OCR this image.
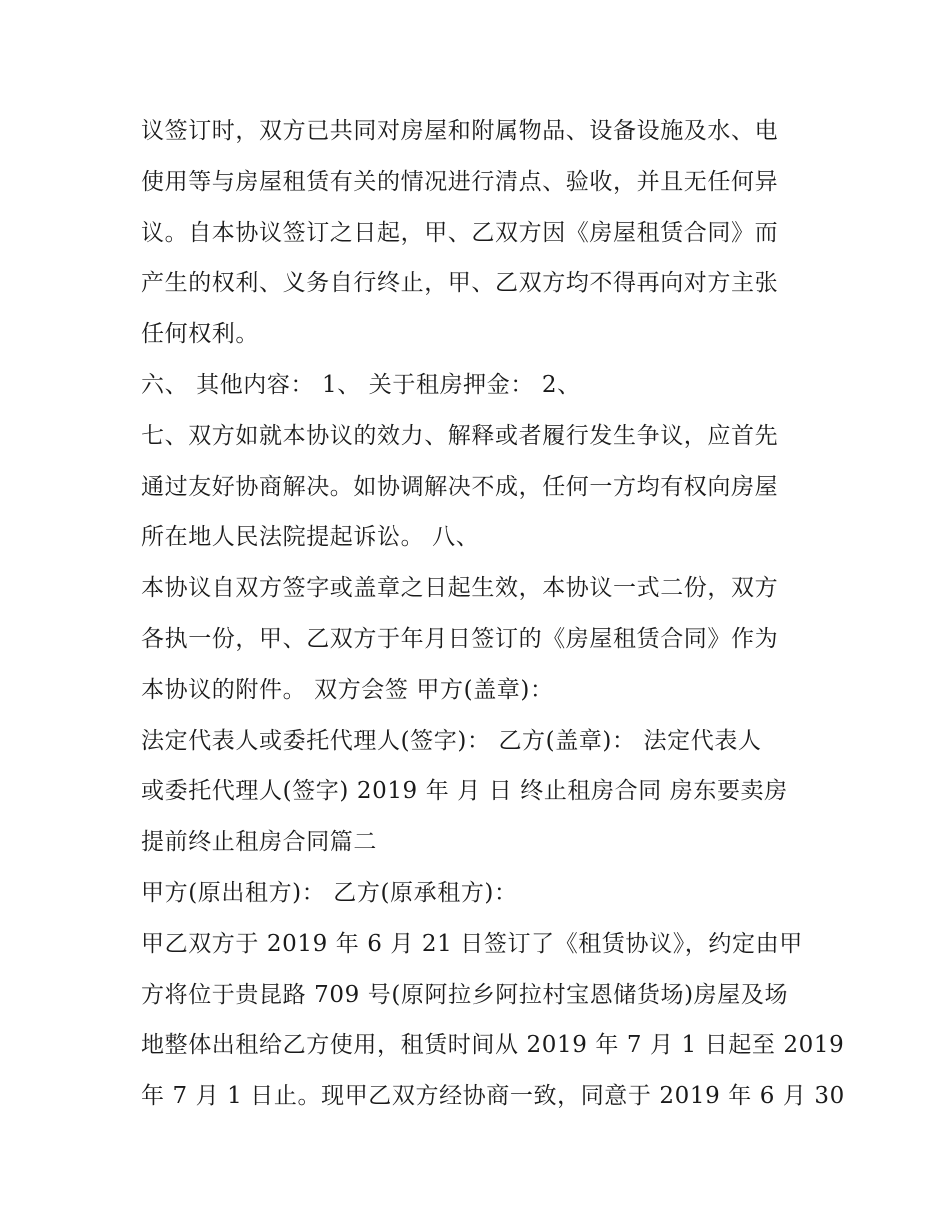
议签订时，双方已共同对房屋和附属物品、设备设施及水、电
使用等与房屋租赁有关的情况进行清点、验收，并且无任何异
议。自本协议签订之日起，甲、乙双方因《房屋租赁合同》而
产生的权利、义务自行终止，甲、乙双方均不得再向对方主张
任何权利。
六、 其他内容： 1、 关于租房押金： 2、
七、双方如就本协议的效力、解释或者履行发生争议，应首先
通过友好协商解决。如协调解决不成，任何一方均有权向房屋
所在地人民法院提起诉讼。 八、
本协议自双方签字或盖章之日起生效，本协议一式二份，双方
各执一份，甲、乙双方于年月日签订的《房屋租赁合同》作为
本协议的附件。 双方会签 甲方(盖章)：
法定代表人或委托代理人(签字)： 乙方(盖章)： 法定代表人
或委托代理人(签字) 2019 年 月 日 终止租房合同 房东要卖房
提前终止租房合同篇二
甲方(原出租方)： 乙方(原承租方)：
甲乙双方于 2019 年 6 月 21 日签订了《租赁协议》，约定由甲
方将位于贵昆路 709 号(原阿拉乡阿拉村宝恩储货场)房屋及场
地整体出租给乙方使用，租赁时间从 2019 年 7 月 1 日起至 2019
年 7 月 1 日止。现甲乙双方经协商一致，同意于 2019 年 6 月 30
